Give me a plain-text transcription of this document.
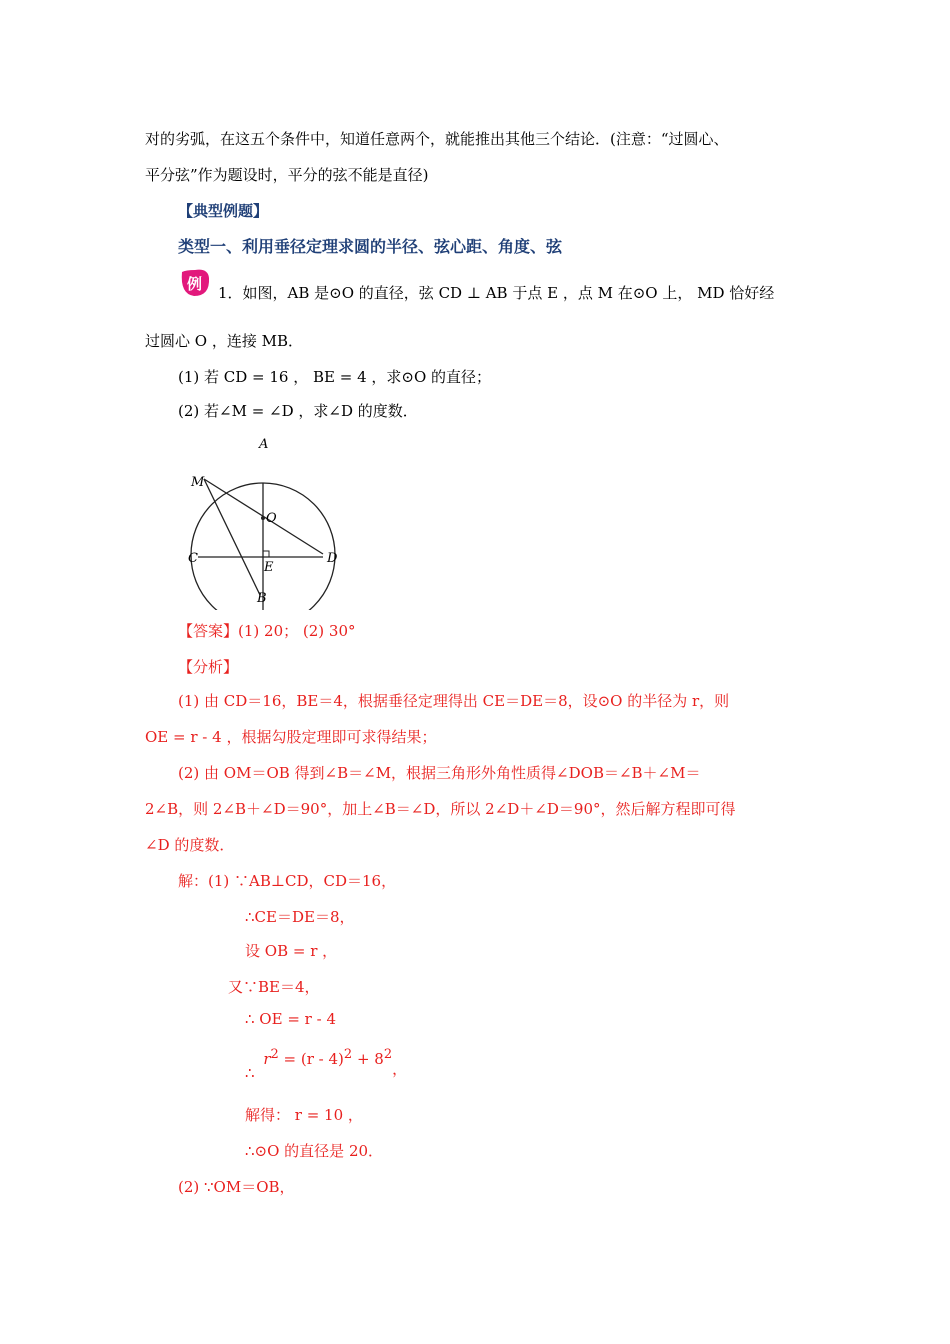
对的劣弧，在这五个条件中，知道任意两个，就能推出其他三个结论．(注意：“过圆心、
平分弦”作为题设时，平分的弦不能是直径)
【典型例题】
类型一、利用垂径定理求圆的半径、弦心距、角度、弦
例 1．如图，AB 是⊙O 的直径，弦 CD ⊥ AB 于点 E ，点 M 在⊙O 上， MD 恰好经
过圆心 O ，连接 MB．
(1) 若 CD = 16 ， BE = 4 ，求⊙O 的直径；
(2) 若∠M = ∠D ，求∠D 的度数．
A
M
O
C	D
E
B
【答案】(1) 20； (2) 30°
【分析】
(1) 由 CD＝16，BE＝4，根据垂径定理得出 CE＝DE＝8，设⊙O 的半径为 r，则
OE = r - 4 ，根据勾股定理即可求得结果；
(2) 由 OM＝OB 得到∠B＝∠M，根据三角形外角性质得∠DOB＝∠B＋∠M＝
2∠B，则 2∠B＋∠D＝90°，加上∠B＝∠D，所以 2∠D＋∠D＝90°，然后解方程即可得
∠D 的度数．
解：(1) ∵AB⊥CD，CD＝16，
∴CE＝DE＝8，
设 OB = r ，
又∵BE＝4，
∴ OE = r - 4
∴ $r^2 = (r - 4)^2 + 8^2$，
解得： r = 10 ，
∴⊙O 的直径是 20．
(2) ∵OM＝OB，
